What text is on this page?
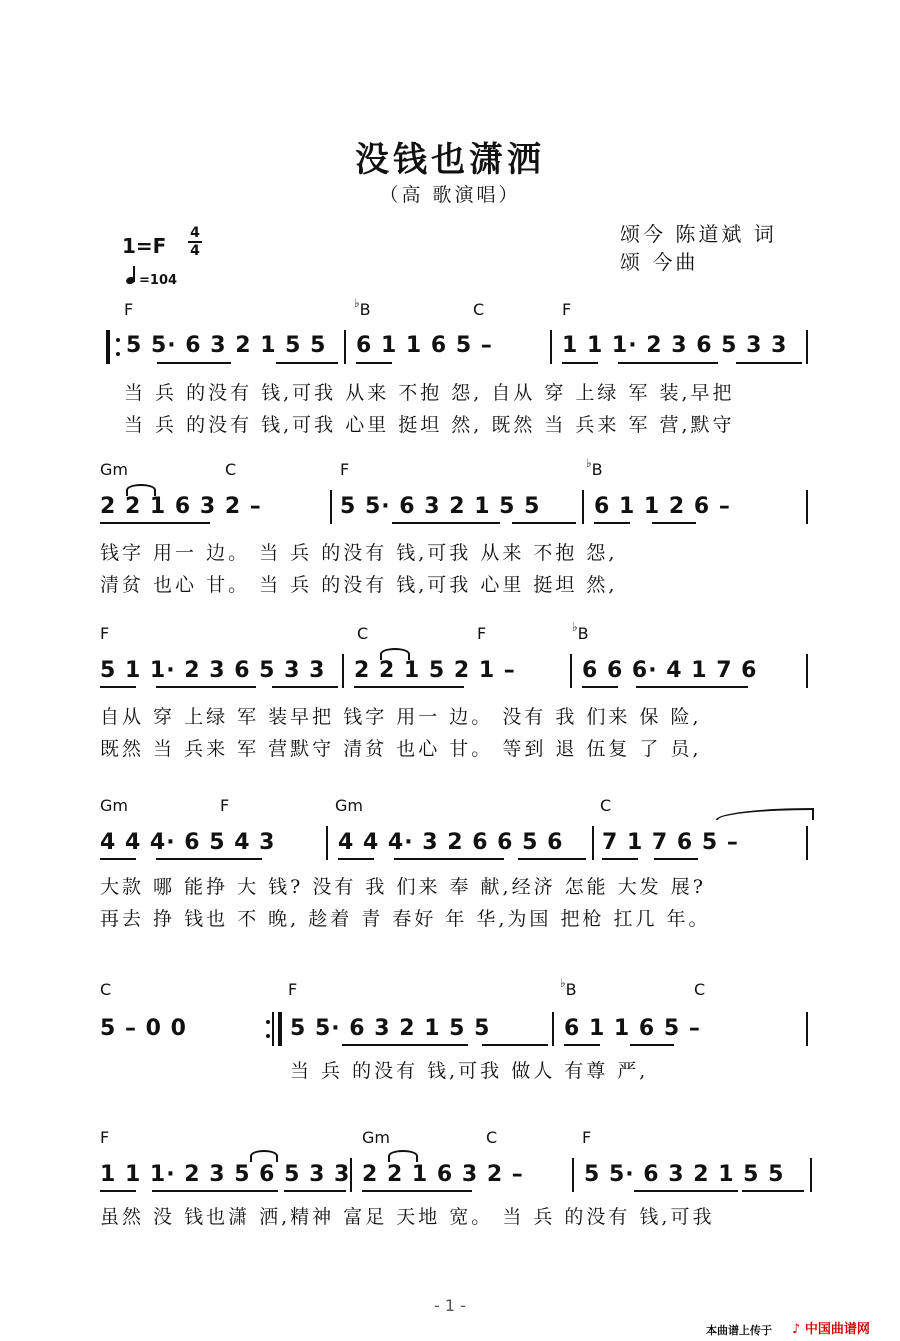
没钱也潇洒
（高 歌演唱）
颂今 陈道斌 词
颂 今曲
1=F
4
4
=104
F	♭B	C	F
5 5· 6 3 2 1 5 5 6 1 1 6 5 –	1 1 1· 2 3 6 5 3 3
当 兵 的没有 钱,可我 从来 不抱 怨, 自从 穿 上绿 军 装,早把
当 兵 的没有 钱,可我 心里 挺坦 然, 既然 当 兵来 军 营,默守
Gm	C	F	♭B
2 2 1 6 3 2 –	5 5· 6 3 2 1 5 5 6 1 1 2 6 –
钱字 用一 边。 当 兵 的没有 钱,可我 从来 不抱 怨,
清贫 也心 甘。 当 兵 的没有 钱,可我 心里 挺坦 然,
F	C	F	♭B
5 1 1· 2 3 6 5 3 3 2 2 1 5 2 1 –	6 6 6· 4 1 7 6
自从 穿 上绿 军 装早把 钱字 用一 边。 没有 我 们来 保 险,
既然 当 兵来 军 营默守 清贫 也心 甘。 等到 退 伍复 了 员,
Gm	F	Gm	C
4 4 4· 6 5 4 3	4 4 4· 3 2 6 6 5 6 7 1 7 6 5 –
大款 哪 能挣 大 钱? 没有 我 们来 奉 献,经济 怎能 大发 展?
再去 挣 钱也 不 晚, 趁着 青 春好 年 华,为国 把枪 扛几 年。
C	F	♭B	C
5 – 0 0	5 5· 6 3 2 1 5 5	6 1 1 6 5 –
当 兵 的没有 钱,可我 做人 有尊 严,
F	Gm	C	F
1 1 1· 2 3 5 6 5 3 3 2 2 1 6 3 2 –	5 5· 6 3 2 1 5 5
虽然 没 钱也潇 洒,精神 富足 天地 宽。 当 兵 的没有 钱,可我
- 1 -
本曲谱上传于 ♪ 中国曲谱网
